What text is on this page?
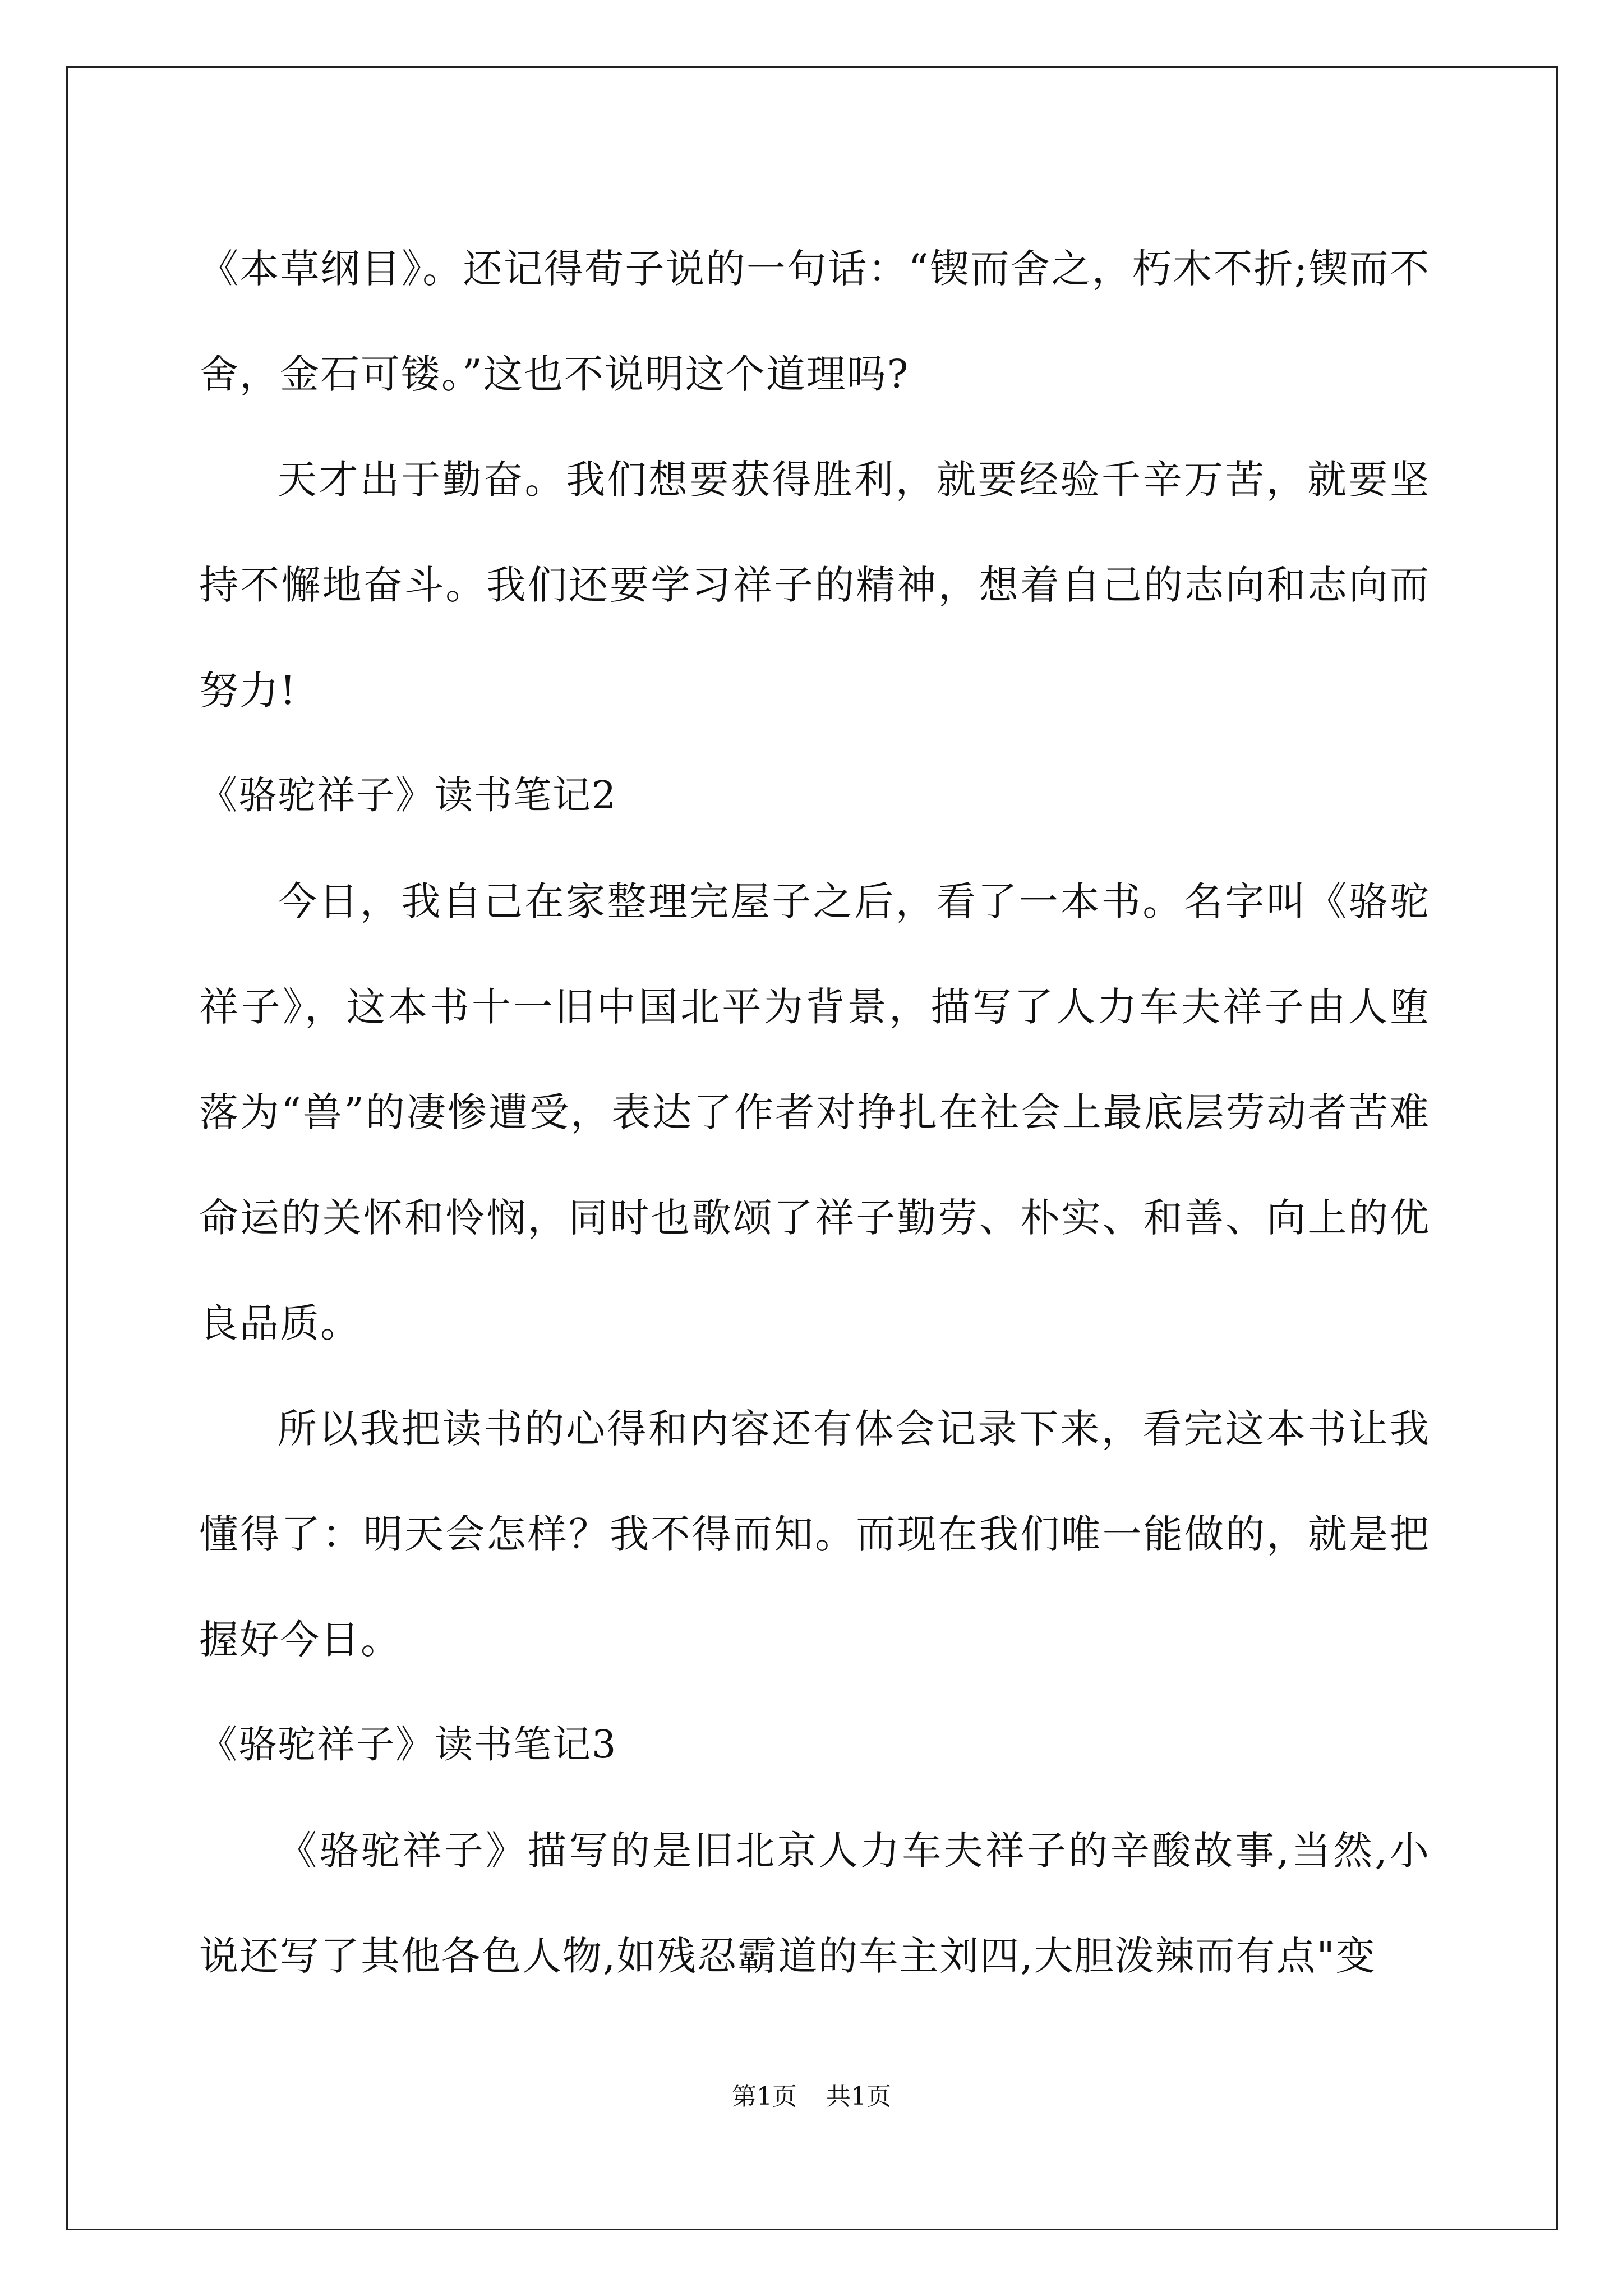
《本草纲目》。还记得荀子说的一句话：“锲而舍之，朽木不折;锲而不舍，金石可镂。”这也不说明这个道理吗?

天才出于勤奋。我们想要获得胜利，就要经验千辛万苦，就要坚持不懈地奋斗。我们还要学习祥子的精神，想着自己的志向和志向而努力!

《骆驼祥子》读书笔记2

今日，我自己在家整理完屋子之后，看了一本书。名字叫《骆驼祥子》，这本书十一旧中国北平为背景，描写了人力车夫祥子由人堕落为“兽”的凄惨遭受，表达了作者对挣扎在社会上最底层劳动者苦难命运的关怀和怜悯，同时也歌颂了祥子勤劳、朴实、和善、向上的优良品质。

所以我把读书的心得和内容还有体会记录下来，看完这本书让我懂得了：明天会怎样？我不得而知。而现在我们唯一能做的，就是把握好今日。

《骆驼祥子》读书笔记3

《骆驼祥子》描写的是旧北京人力车夫祥子的辛酸故事,当然,小说还写了其他各色人物,如残忍霸道的车主刘四,大胆泼辣而有点"变

第1页 共1页
